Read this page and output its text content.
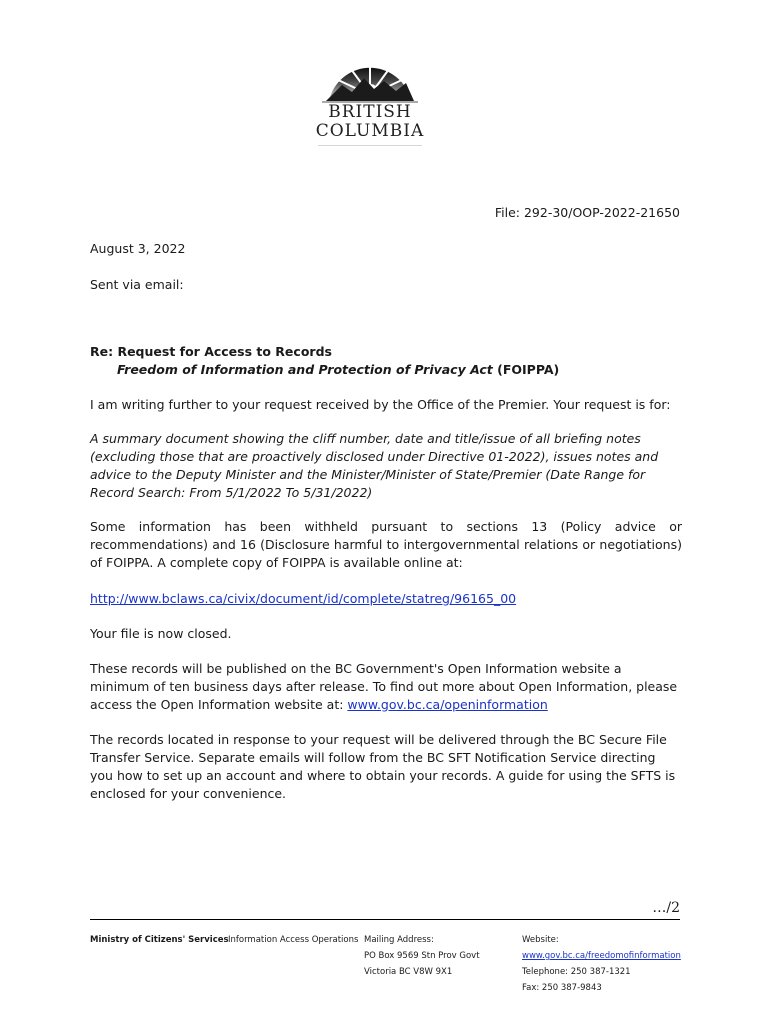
BRITISH
COLUMBIA

File: 292-30/OOP-2022-21650

August 3, 2022

Sent via email:

Re: Request for Access to Records

Freedom of Information and Protection of Privacy Act (FOIPPA)

I am writing further to your request received by the Office of the Premier. Your request is for:

A summary document showing the cliff number, date and title/issue of all briefing notes (excluding those that are proactively disclosed under Directive 01-2022), issues notes and advice to the Deputy Minister and the Minister/Minister of State/Premier (Date Range for Record Search: From 5/1/2022 To 5/31/2022)

Some information has been withheld pursuant to sections 13 (Policy advice or recommendations) and 16 (Disclosure harmful to intergovernmental relations or negotiations) of FOIPPA. A complete copy of FOIPPA is available online at:

http://www.bclaws.ca/civix/document/id/complete/statreg/96165_00

Your file is now closed.

These records will be published on the BC Government's Open Information website a minimum of ten business days after release. To find out more about Open Information, please access the Open Information website at: www.gov.bc.ca/openinformation

The records located in response to your request will be delivered through the BC Secure File Transfer Service. Separate emails will follow from the BC SFT Notification Service directing you how to set up an account and where to obtain your records. A guide for using the SFTS is enclosed for your convenience.

…/2

Ministry of Citizens' Services Information Access Operations Mailing Address:
PO Box 9569 Stn Prov Govt
Victoria BC V8W 9X1
Website:
www.gov.bc.ca/freedomofinformation
Telephone: 250 387-1321
Fax: 250 387-9843
